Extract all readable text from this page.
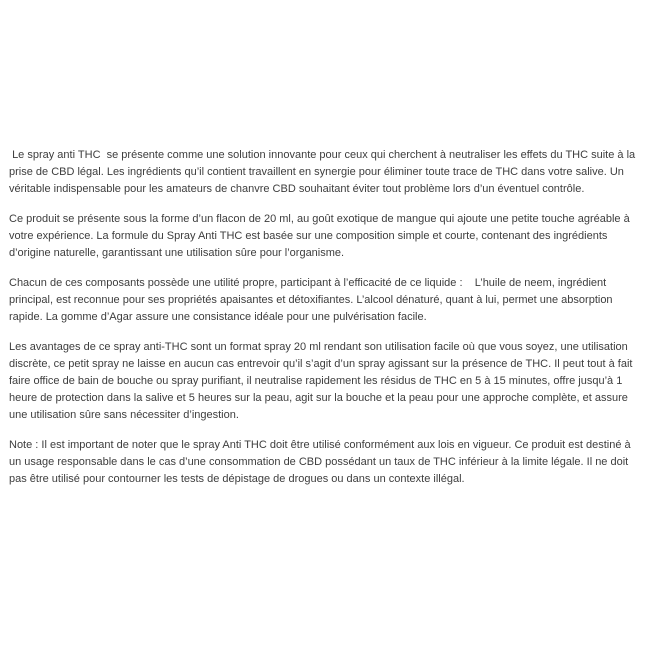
Le spray anti THC  se présente comme une solution innovante pour ceux qui cherchent à neutraliser les effets du THC suite à la prise de CBD légal. Les ingrédients qu’il contient travaillent en synergie pour éliminer toute trace de THC dans votre salive. Un véritable indispensable pour les amateurs de chanvre CBD souhaitant éviter tout problème lors d’un éventuel contrôle.

Ce produit se présente sous la forme d’un flacon de 20 ml, au goût exotique de mangue qui ajoute une petite touche agréable à votre expérience. La formule du Spray Anti THC est basée sur une composition simple et courte, contenant des ingrédients d’origine naturelle, garantissant une utilisation sûre pour l’organisme.

Chacun de ces composants possède une utilité propre, participant à l’efficacité de ce liquide :    L’huile de neem, ingrédient principal, est reconnue pour ses propriétés apaisantes et détoxifiantes. L’alcool dénaturé, quant à lui, permet une absorption rapide. La gomme d’Agar assure une consistance idéale pour une pulvérisation facile.

Les avantages de ce spray anti-THC sont un format spray 20 ml rendant son utilisation facile où que vous soyez, une utilisation discrète, ce petit spray ne laisse en aucun cas entrevoir qu’il s’agit d’un spray agissant sur la présence de THC. Il peut tout à fait faire office de bain de bouche ou spray purifiant, il neutralise rapidement les résidus de THC en 5 à 15 minutes, offre jusqu’à 1 heure de protection dans la salive et 5 heures sur la peau, agit sur la bouche et la peau pour une approche complète, et assure une utilisation sûre sans nécessiter d’ingestion.

Note : Il est important de noter que le spray Anti THC doit être utilisé conformément aux lois en vigueur. Ce produit est destiné à un usage responsable dans le cas d’une consommation de CBD possédant un taux de THC inférieur à la limite légale. Il ne doit pas être utilisé pour contourner les tests de dépistage de drogues ou dans un contexte illégal.
